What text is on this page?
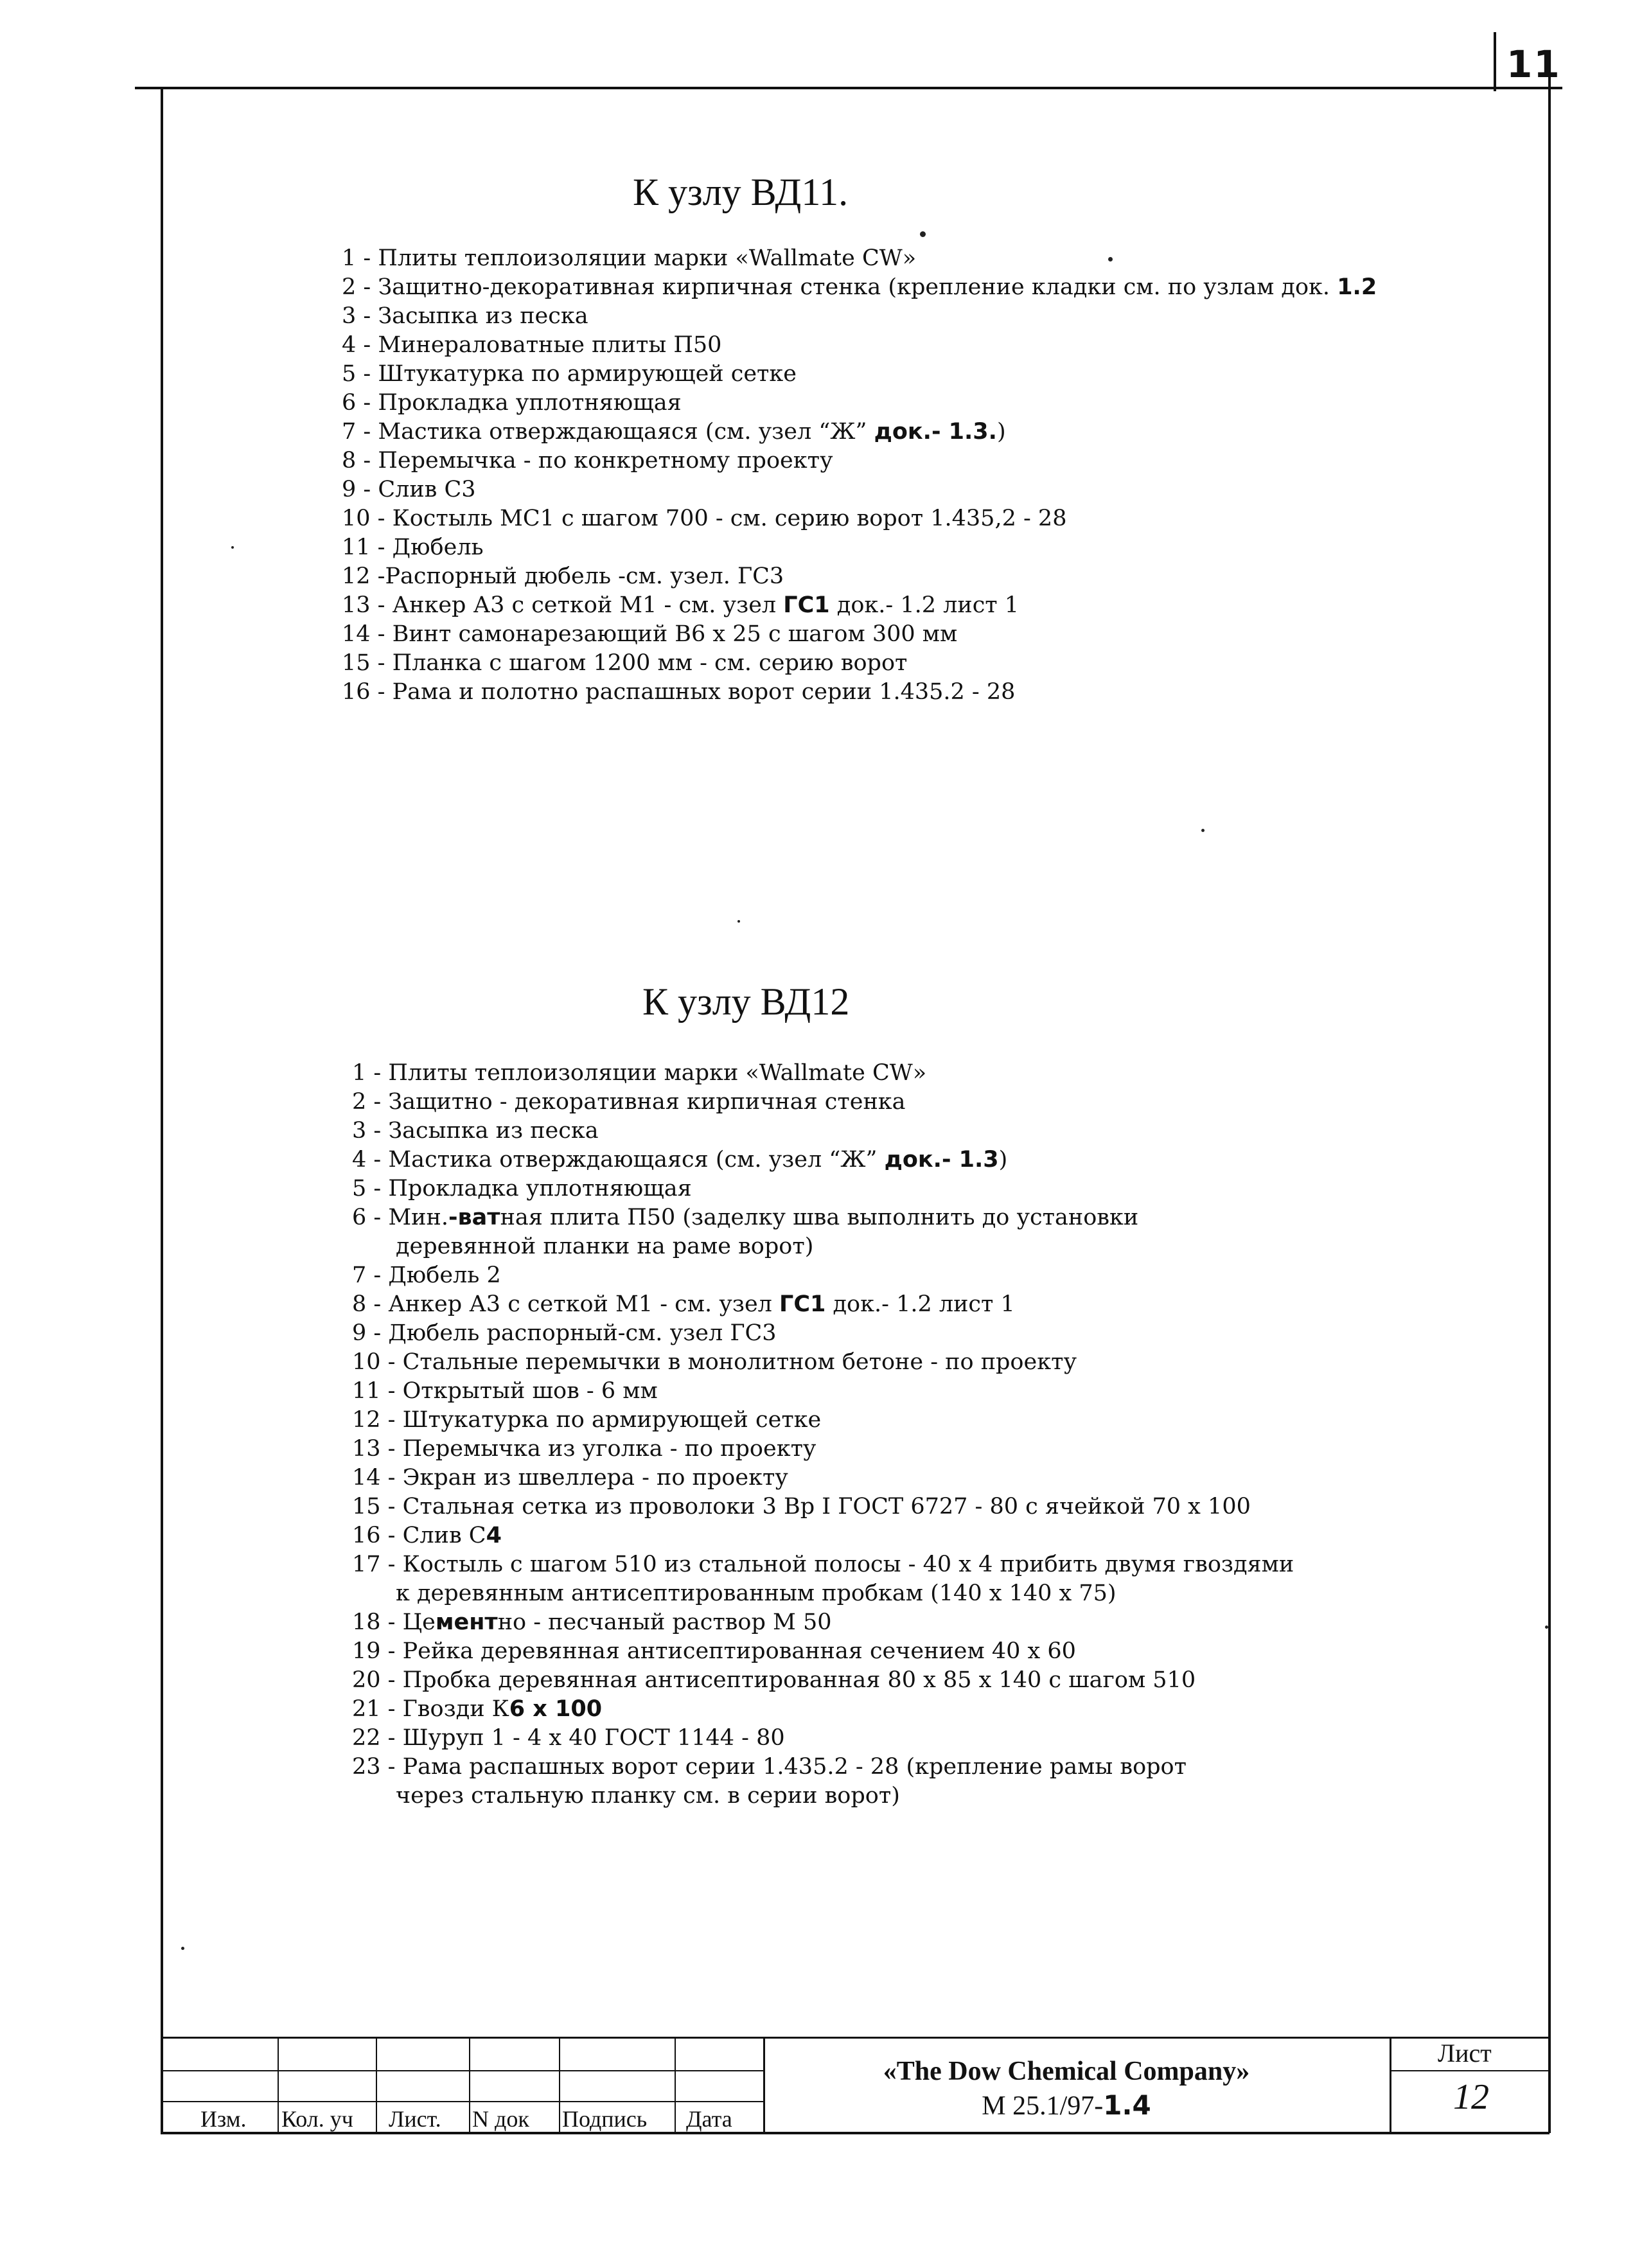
11
К узлу ВД11.
1 - Плиты теплоизоляции марки «Wallmate CW»
2 - Защитно-декоративная кирпичная стенка (крепление кладки см. по узлам док. 1.2
3 - Засыпка из песка
4 - Минераловатные плиты П50
5 - Штукатурка по армирующей сетке
6 - Прокладка уплотняющая
7 - Мастика отверждающаяся (см. узел “Ж” док.- 1.3.)
8 - Перемычка - по конкретному проекту
9 - Слив С3
10 - Костыль МС1 с шагом 700 - см. серию ворот 1.435,2 - 28
11 - Дюбель
12 -Распорный дюбель -см. узел. ГС3
13 - Анкер А3 с сеткой М1 - см. узел ГС1 док.- 1.2 лист 1
14 - Винт самонарезающий В6 х 25 с шагом 300 мм
15 - Планка с шагом 1200 мм - см. серию ворот
16 - Рама и полотно распашных ворот серии 1.435.2 - 28
К узлу ВД12
1 - Плиты теплоизоляции марки «Wallmate CW»
2 - Защитно - декоративная кирпичная стенка
3 - Засыпка из песка
4 - Мастика отверждающаяся (см. узел “Ж” док.- 1.3)
5 - Прокладка уплотняющая
6 - Мин.-ватная плита П50 (заделку шва выполнить до установки
деревянной планки на раме ворот)
7 - Дюбель 2
8 - Анкер А3 с сеткой М1 - см. узел ГС1 док.- 1.2 лист 1
9 - Дюбель распорный-см. узел ГС3
10 - Стальные перемычки в монолитном бетоне - по проекту
11 - Открытый шов - 6 мм
12 - Штукатурка по армирующей сетке
13 - Перемычка из уголка - по проекту
14 - Экран из швеллера - по проекту
15 - Стальная сетка из проволоки 3 Вр I ГОСТ 6727 - 80 с ячейкой 70 х 100
16 - Слив С4
17 - Костыль с шагом 510 из стальной полосы - 40 х 4 прибить двумя гвоздями
к деревянным антисептированным пробкам (140 х 140 х 75)
18 - Цементно - песчаный раствор М 50
19 - Рейка деревянная антисептированная сечением 40 х 60
20 - Пробка деревянная антисептированная 80 х 85 х 140 с шагом 510
21 - Гвозди К6 х 100
22 - Шуруп 1 - 4 х 40 ГОСТ 1144 - 80
23 - Рама распашных ворот серии 1.435.2 - 28 (крепление рамы ворот
через стальную планку см. в серии ворот)
Изм. Кол. уч Лист. N док Подпись Дата
«The Dow Chemical Company»
М 25.1/97-1.4
Лист
12
